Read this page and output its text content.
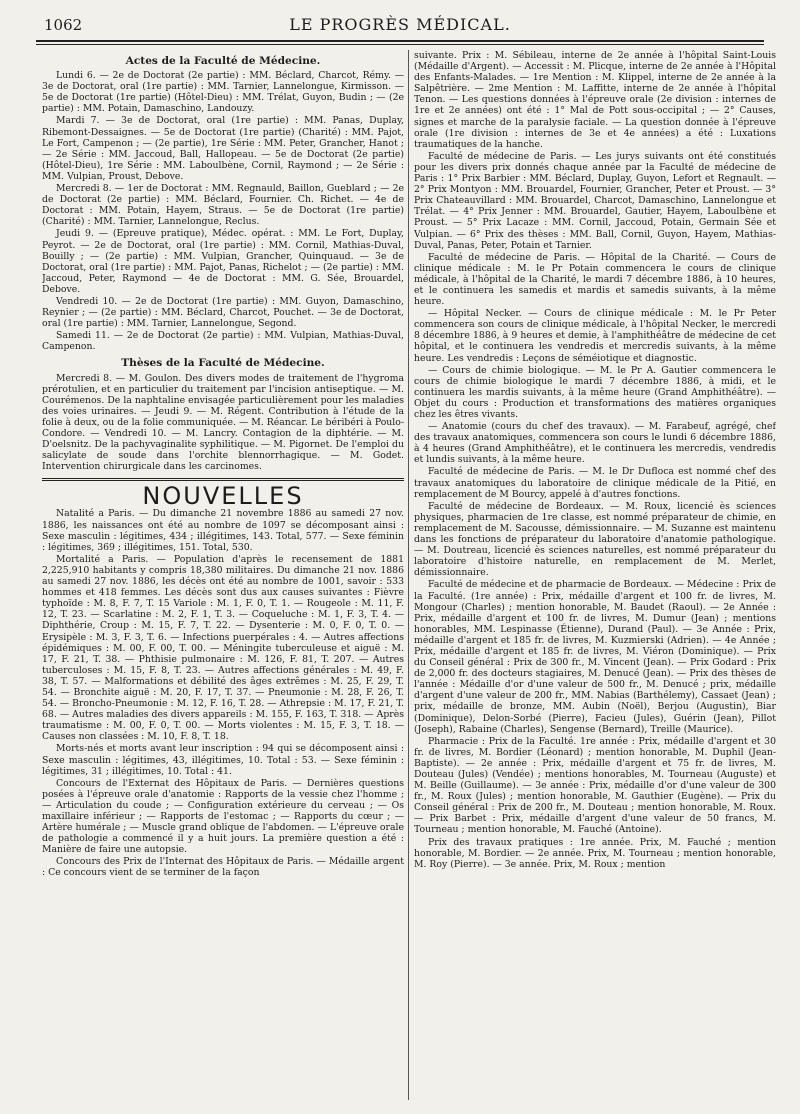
1062	LE PROGRÈS MÉDICAL.
Actes de la Faculté de Médecine.

Lundi 6. — 2e de Doctorat (2e partie) : MM. Béclard, Charcot, Rémy. — 3e de Doctorat, oral (1re partie) : MM. Tarnier, Lannelongue, Kirmisson. — 5e de Doctorat (1re partie) (Hôtel-Dieu) : MM. Trélat, Guyon, Budin ; — (2e partie) : MM. Potain, Damaschino, Landouzy.

Mardi 7. — 3e de Doctorat, oral (1re partie) : MM. Panas, Duplay, Ribemont-Dessaignes. — 5e de Doctorat (1re partie) (Charité) : MM. Pajot, Le Fort, Campenon ; — (2e partie), 1re Série : MM. Peter, Grancher, Hanot ; — 2e Série : MM. Jaccoud, Ball, Hallopeau. — 5e de Doctorat (2e partie) (Hôtel-Dieu), 1re Série : MM. Laboulbène, Cornil, Raymond ; — 2e Série : MM. Vulpian, Proust, Debove.

Mercredi 8. — 1er de Doctorat : MM. Regnauld, Baillon, Gueblard ; — 2e de Doctorat (2e partie) : MM. Béclard, Fournier. Ch. Richet. — 4e de Doctorat : MM. Potain, Hayem, Straus. — 5e de Doctorat (1re partie) (Charité) : MM. Tarnier, Lannelongue, Reclus.

Jeudi 9. — (Epreuve pratique), Médec. opérat. : MM. Le Fort, Duplay, Peyrot. — 2e de Doctorat, oral (1re partie) : MM. Cornil, Mathias-Duval, Bouilly ; — (2e partie) : MM. Vulpian, Grancher, Quinquaud. — 3e de Doctorat, oral (1re partie) : MM. Pajot, Panas, Richelot ; — (2e partie) : MM. Jaccoud, Peter, Raymond — 4e de Doctorat : MM. G. Sée, Brouardel, Debove.

Vendredi 10. — 2e de Doctorat (1re partie) : MM. Guyon, Damaschino, Reynier ; — (2e partie) : MM. Béclard, Charcot, Pouchet. — 3e de Doctorat, oral (1re partie) : MM. Tarnier, Lannelongue, Segond.

Samedi 11. — 2e de Doctorat (2e partie) : MM. Vulpian, Mathias-Duval, Campenon.

Thèses de la Faculté de Médecine.

Mercredi 8. — M. Goulon. Des divers modes de traitement de l'hygroma prérotulien, et en particulier du traitement par l'incision antiseptique. — M. Courémenos. De la naphtaline envisagée particulièrement pour les maladies des voies urinaires. — Jeudi 9. — M. Régent. Contribution à l'étude de la folie à deux, ou de la folie communiquée. — M. Réancar. Le béribéri à Poulo-Condore. — Vendredi 10. — M. Lancry. Contagion de la diphtérie. — M. D'oelsnitz. De la pachyvaginalite syphilitique. — M. Pigornet. De l'emploi du salicylate de soude dans l'orchite blennorrhagique. — M. Godet. Intervention chirurgicale dans les carcinomes.

NOUVELLES

Natalité a Paris. — Du dimanche 21 novembre 1886 au samedi 27 nov. 1886, les naissances ont été au nombre de 1097 se décomposant ainsi : Sexe masculin : légitimes, 434 ; illégitimes, 143. Total, 577. — Sexe féminin : légitimes, 369 ; illégitimes, 151. Total, 530.

Mortalité a Paris. — Population d'après le recensement de 1881 2,225,910 habitants y compris 18,380 militaires. Du dimanche 21 nov. 1886 au samedi 27 nov. 1886, les décès ont été au nombre de 1001, savoir : 533 hommes et 418 femmes. Les décès sont dus aux causes suivantes : Fièvre typhoïde : M. 8, F. 7, T. 15 Variole : M. 1, F. 0, T. 1. — Rougeole : M. 11, F. 12, T. 23. — Scarlatine : M. 2, F. 1, T. 3. — Coqueluche : M. 1, F. 3, T. 4. — Diphthérie, Croup : M. 15, F. 7, T. 22. — Dysenterie : M. 0, F. 0, T. 0. — Erysipèle : M. 3, F. 3, T. 6. — Infections puerpérales : 4. — Autres affections épidémiques : M. 00, F. 00, T. 00. — Méningite tuberculeuse et aiguë : M. 17, F. 21, T. 38. — Phthisie pulmonaire : M. 126, F. 81, T. 207. — Autres tuberculoses : M. 15, F. 8, T. 23. — Autres affections générales : M. 49, F. 38, T. 57. — Malformations et débilité des âges extrêmes : M. 25, F. 29, T. 54. — Bronchite aiguë : M. 20, F. 17, T. 37. — Pneumonie : M. 28, F. 26, T. 54. — Broncho-Pneumonie : M. 12, F. 16, T. 28. — Athrepsie : M. 17, F. 21, T. 68. — Autres maladies des divers appareils : M. 155, F. 163, T. 318. — Après traumatisme : M. 00, F. 0, T. 00. — Morts violentes : M. 15, F. 3, T. 18. — Causes non classées : M. 10, F. 8, T. 18.

Morts-nés et morts avant leur inscription : 94 qui se décomposent ainsi : Sexe masculin : légitimes, 43, illégitimes, 10. Total : 53. — Sexe féminin : légitimes, 31 ; illégitimes, 10. Total : 41.

Concours de l'Externat des Hôpitaux de Paris. — Dernières questions posées à l'épreuve orale d'anatomie : Rapports de la vessie chez l'homme ; — Articulation du coude ; — Configuration extérieure du cerveau ; — Os maxillaire inférieur ; — Rapports de l'estomac ; — Rapports du cœur ; — Artère humérale ; — Muscle grand oblique de l'abdomen. — L'épreuve orale de pathologie a commencé il y a huit jours. La première question a été : Manière de faire une autopsie.

Concours des Prix de l'Internat des Hôpitaux de Paris. — Médaille argent : Ce concours vient de se terminer de la façon

suivante. Prix : M. Sébileau, interne de 2e année à l'hôpital Saint-Louis (Médaille d'Argent). — Accessit : M. Plicque, interne de 2e année à l'Hôpital des Enfants-Malades. — 1re Mention : M. Klippel, interne de 2e année à la Salpêtrière. — 2me Mention : M. Laffitte, interne de 2e année à l'hôpital Tenon. — Les questions données à l'épreuve orale (2e division : internes de 1re et 2e années) ont été : 1° Mal de Pott sous-occipital ; — 2° Causes, signes et marche de la paralysie faciale. — La question donnée à l'épreuve orale (1re division : internes de 3e et 4e années) a été : Luxations traumatiques de la hanche.

Faculté de médecine de Paris. — Les jurys suivants ont été constitués pour les divers prix donnés chaque année par la Faculté de médecine de Paris : 1° Prix Barbier : MM. Béclard, Duplay, Guyon, Lefort et Regnault. — 2° Prix Montyon : MM. Brouardel, Fournier, Grancher, Peter et Proust. — 3° Prix Chateauvillard : MM. Brouardel, Charcot, Damaschino, Lannelongue et Trélat. — 4° Prix Jenner : MM. Brouardel, Gautier, Hayem, Laboulbène et Proust. — 5° Prix Lacaze : MM. Cornil, Jaccoud, Potain, Germain Sée et Vulpian. — 6° Prix des thèses : MM. Ball, Cornil, Guyon, Hayem, Mathias-Duval, Panas, Peter, Potain et Tarnier.

Faculté de médecine de Paris. — Hôpital de la Charité. — Cours de clinique médicale : M. le Pr Potain commencera le cours de clinique médicale, à l'hôpital de la Charité, le mardi 7 décembre 1886, à 10 heures, et le continuera les samedis et mardis et samedis suivants, à la même heure.

— Hôpital Necker. — Cours de clinique médicale : M. le Pr Peter commencera son cours de clinique médicale, à l'hôpital Necker, le mercredi 8 décembre 1886, à 9 heures et demie, à l'amphithéâtre de médecine de cet hôpital, et le continuera les vendredis et mercredis suivants, à la même heure. Les vendredis : Leçons de séméiotique et diagnostic.

— Cours de chimie biologique. — M. le Pr A. Gautier commencera le cours de chimie biologique le mardi 7 décembre 1886, à midi, et le continuera les mardis suivants, à la même heure (Grand Amphithéâtre). — Objet du cours : Production et transformations des matières organiques chez les êtres vivants.

— Anatomie (cours du chef des travaux). — M. Farabeuf, agrégé, chef des travaux anatomiques, commencera son cours le lundi 6 décembre 1886, à 4 heures (Grand Amphithéâtre), et le continuera les mercredis, vendredis et lundis suivants, à la même heure.

Faculté de médecine de Paris. — M. le Dr Dufloca est nommé chef des travaux anatomiques du laboratoire de clinique médicale de la Pitié, en remplacement de M Bourcy, appelé à d'autres fonctions.

Faculté de médecine de Bordeaux. — M. Roux, licencié ès sciences physiques, pharmacien de 1re classe, est nommé préparateur de chimie, en remplacement de M. Sacousse, démissionnaire. — M. Suzanne est maintenu dans les fonctions de préparateur du laboratoire d'anatomie pathologique. — M. Doutreau, licencié ès sciences naturelles, est nommé préparateur du laboratoire d'histoire naturelle, en remplacement de M. Merlet, démissionnaire.

Faculté de médecine et de pharmacie de Bordeaux. — Médecine : Prix de la Faculté. (1re année) : Prix, médaille d'argent et 100 fr. de livres, M. Mongour (Charles) ; mention honorable, M. Baudet (Raoul). — 2e Année : Prix, médaille d'argent et 100 fr. de livres, M. Dumur (Jean) ; mentions honorables, MM. Lespinasse (Étienne), Durand (Paul). — 3e Année : Prix, médaille d'argent et 185 fr. de livres, M. Kuzmierski (Adrien). — 4e Année ; Prix, médaille d'argent et 185 fr. de livres, M. Viéron (Dominique). — Prix du Conseil général : Prix de 300 fr., M. Vincent (Jean). — Prix Godard : Prix de 2,000 fr. des docteurs stagiaires, M. Denucé (Jean). — Prix des thèses de l'année : Médaille d'or d'une valeur de 500 fr., M. Denucé ; prix, médaille d'argent d'une valeur de 200 fr., MM. Nabias (Barthélemy), Cassaet (Jean) ; prix, médaille de bronze, MM. Aubin (Noël), Berjou (Augustin), Biar (Dominique), Delon-Sorbé (Pierre), Facieu (Jules), Guérin (Jean), Pillot (Joseph), Rabaine (Charles), Sengense (Bernard), Treille (Maurice).

Pharmacie : Prix de la Faculté. 1re année : Prix, médaille d'argent et 30 fr. de livres, M. Bordier (Léonard) ; mention honorable, M. Duphil (Jean-Baptiste). — 2e année : Prix, médaille d'argent et 75 fr. de livres, M. Douteau (Jules) (Vendée) ; mentions honorables, M. Tourneau (Auguste) et M. Beille (Guillaume). — 3e année : Prix, médaille d'or d'une valeur de 300 fr., M. Roux (Jules) ; mention honorable, M. Gauthier (Eugène). — Prix du Conseil général : Prix de 200 fr., M. Douteau ; mention honorable, M. Roux. — Prix Barbet : Prix, médaille d'argent d'une valeur de 50 francs, M. Tourneau ; mention honorable, M. Fauché (Antoine).

Prix des travaux pratiques : 1re année. Prix, M. Fauché ; mention honorable, M. Bordier. — 2e année. Prix, M. Tourneau ; mention honorable, M. Roy (Pierre). — 3e année. Prix, M. Roux ; mention
